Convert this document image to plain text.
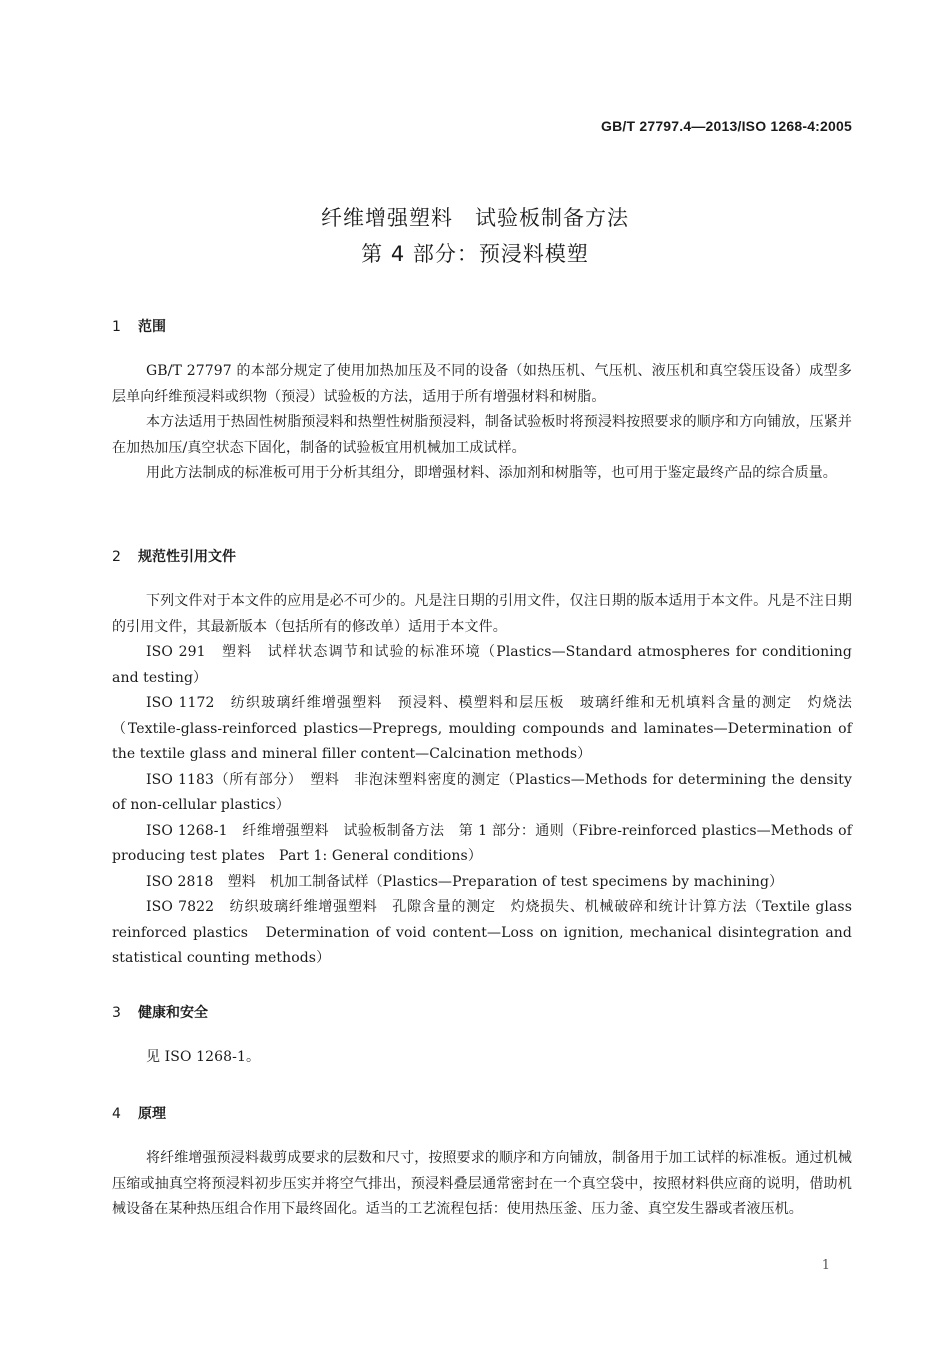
GB/T 27797.4—2013/ISO 1268-4:2005
纤维增强塑料　试验板制备方法
第 4 部分：预浸料模塑
1 范围

GB/T 27797 的本部分规定了使用加热加压及不同的设备（如热压机、气压机、液压机和真空袋压设备）成型多层单向纤维预浸料或织物（预浸）试验板的方法，适用于所有增强材料和树脂。

本方法适用于热固性树脂预浸料和热塑性树脂预浸料，制备试验板时将预浸料按照要求的顺序和方向铺放，压紧并在加热加压/真空状态下固化，制备的试验板宜用机械加工成试样。

用此方法制成的标准板可用于分析其组分，即增强材料、添加剂和树脂等，也可用于鉴定最终产品的综合质量。

2 规范性引用文件

下列文件对于本文件的应用是必不可少的。凡是注日期的引用文件，仅注日期的版本适用于本文件。凡是不注日期的引用文件，其最新版本（包括所有的修改单）适用于本文件。

ISO 291　塑料　试样状态调节和试验的标准环境（Plastics—Standard atmospheres for conditioning and testing）

ISO 1172　纺织玻璃纤维增强塑料　预浸料、模塑料和层压板　玻璃纤维和无机填料含量的测定　灼烧法（Textile-glass-reinforced plastics—Prepregs, moulding compounds and laminates—Determination of the textile glass and mineral filler content—Calcination methods）

ISO 1183（所有部分）　塑料　非泡沫塑料密度的测定（Plastics—Methods for determining the density of non-cellular plastics）

ISO 1268-1　纤维增强塑料　试验板制备方法　第 1 部分：通则（Fibre-reinforced plastics—Methods of producing test plates　Part 1: General conditions）

ISO 2818　塑料　机加工制备试样（Plastics—Preparation of test specimens by machining）

ISO 7822　纺织玻璃纤维增强塑料　孔隙含量的测定　灼烧损失、机械破碎和统计计算方法（Textile glass reinforced plastics　Determination of void content—Loss on ignition, mechanical disintegration and statistical counting methods）

3 健康和安全

见 ISO 1268-1。

4 原理

将纤维增强预浸料裁剪成要求的层数和尺寸，按照要求的顺序和方向铺放，制备用于加工试样的标准板。通过机械压缩或抽真空将预浸料初步压实并将空气排出，预浸料叠层通常密封在一个真空袋中，按照材料供应商的说明，借助机械设备在某种热压组合作用下最终固化。适当的工艺流程包括：使用热压釜、压力釜、真空发生器或者液压机。

1
